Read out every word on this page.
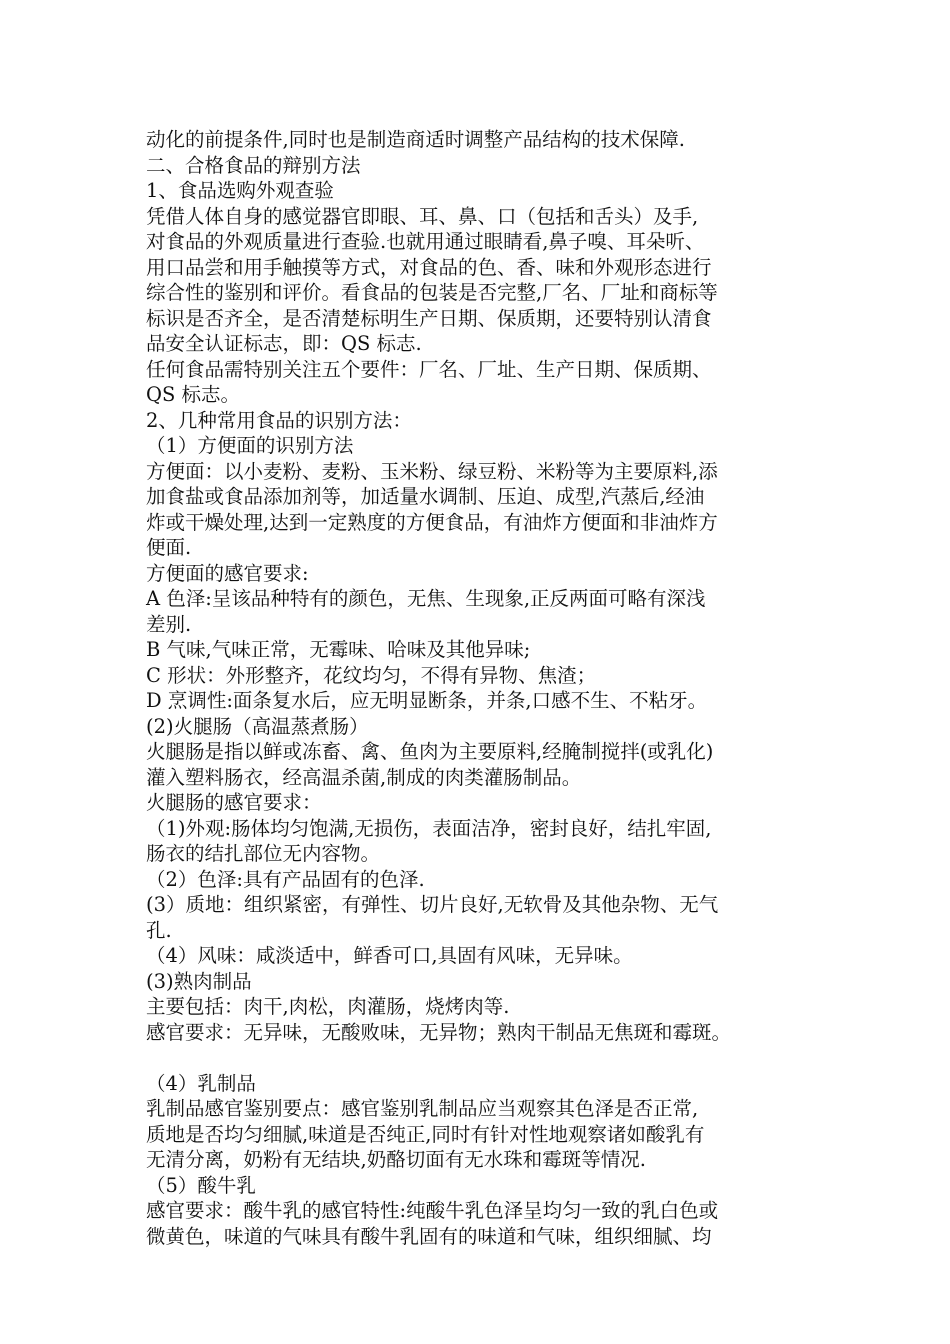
动化的前提条件,同时也是制造商适时调整产品结构的技术保障.
二、合格食品的辩别方法
1、食品选购外观查验
凭借人体自身的感觉器官即眼、耳、鼻、口（包括和舌头）及手,
对食品的外观质量进行查验.也就用通过眼睛看,鼻子嗅、耳朵听、
用口品尝和用手触摸等方式，对食品的色、香、味和外观形态进行
综合性的鉴别和评价。看食品的包装是否完整,厂名、厂址和商标等
标识是否齐全，是否清楚标明生产日期、保质期，还要特别认清食
品安全认证标志，即：QS 标志.
任何食品需特别关注五个要件：厂名、厂址、生产日期、保质期、
QS 标志。
2、几种常用食品的识别方法：
（1）方便面的识别方法
方便面：以小麦粉、麦粉、玉米粉、绿豆粉、米粉等为主要原料,添
加食盐或食品添加剂等，加适量水调制、压迫、成型,汽蒸后,经油
炸或干燥处理,达到一定熟度的方便食品，有油炸方便面和非油炸方
便面.
方便面的感官要求:
A 色泽:呈该品种特有的颜色，无焦、生现象,正反两面可略有深浅
差别.
B 气味,气味正常，无霉味、哈味及其他异味;
C 形状：外形整齐，花纹均匀，不得有异物、焦渣；
D 烹调性:面条复水后，应无明显断条，并条,口感不生、不粘牙。
(2)火腿肠（高温蒸煮肠）
火腿肠是指以鲜或冻畜、禽、鱼肉为主要原料,经腌制搅拌(或乳化)
灌入塑料肠衣，经高温杀菌,制成的肉类灌肠制品。
火腿肠的感官要求：
（1)外观:肠体均匀饱满,无损伤，表面洁净，密封良好，结扎牢固,
肠衣的结扎部位无内容物。
（2）色泽:具有产品固有的色泽.
(3）质地：组织紧密，有弹性、切片良好,无软骨及其他杂物、无气
孔.
（4）风味：咸淡适中，鲜香可口,具固有风味，无异味。
(3)熟肉制品
主要包括：肉干,肉松，肉灌肠，烧烤肉等.
感官要求：无异味，无酸败味，无异物；熟肉干制品无焦斑和霉斑。
（4）乳制品
乳制品感官鉴别要点：感官鉴别乳制品应当观察其色泽是否正常,
质地是否均匀细腻,味道是否纯正,同时有针对性地观察诸如酸乳有
无清分离，奶粉有无结块,奶酪切面有无水珠和霉斑等情况.
（5）酸牛乳
感官要求：酸牛乳的感官特性:纯酸牛乳色泽呈均匀一致的乳白色或
微黄色，味道的气味具有酸牛乳固有的味道和气味，组织细腻、均
